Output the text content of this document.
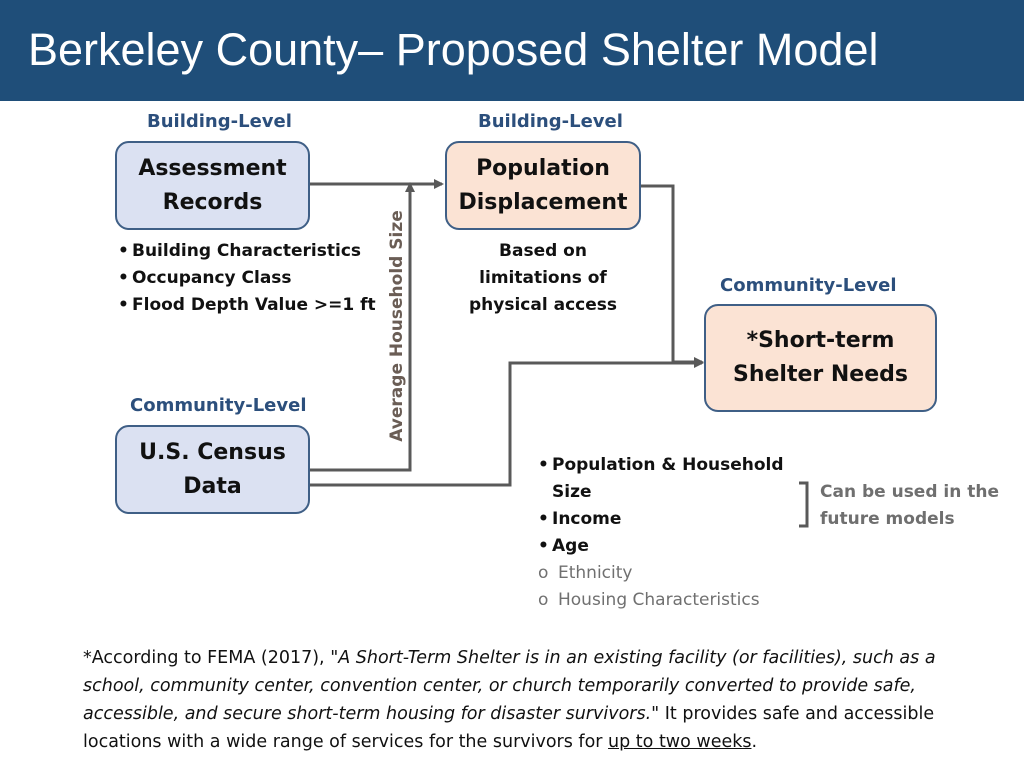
Berkeley County– Proposed Shelter Model
Building-Level	Building-Level
Community-Level
Community-Level
Assessment
Records
Population
Displacement
*Short-term
Shelter Needs
U.S. Census
Data
• Building Characteristics
• Occupancy Class
• Flood Depth Value >=1 ft
Based on
limitations of
physical access
Average Household Size
• Population & Household
Size
• Income
• Age
o Ethnicity
o Housing Characteristics
Can be used in the
future models
*According to FEMA (2017), "A Short-Term Shelter is in an existing facility (or facilities), such as a school, community center, convention center, or church temporarily converted to provide safe, accessible, and secure short-term housing for disaster survivors." It provides safe and accessible locations with a wide range of services for the survivors for up to two weeks.
